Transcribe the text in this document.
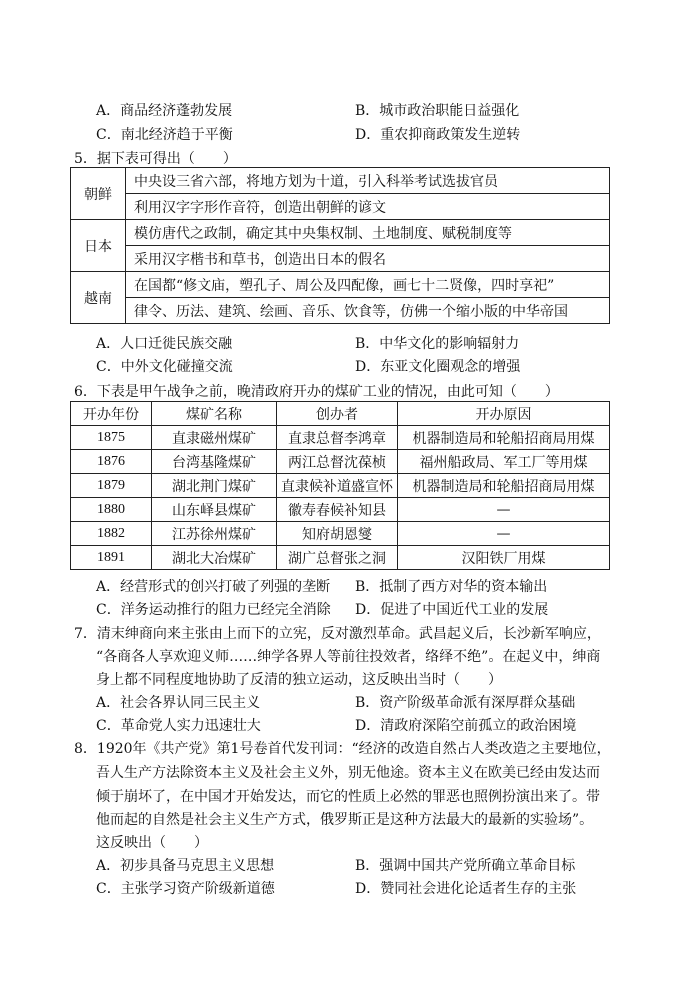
A．商品经济蓬勃发展	B．城市政治职能日益强化
C．南北经济趋于平衡	D．重农抑商政策发生逆转
5．据下表可得出（　　）
朝鲜	中央设三省六部，将地方划为十道，引入科举考试选拔官员
	利用汉字字形作音符，创造出朝鲜的谚文
日本	模仿唐代之政制，确定其中央集权制、土地制度、赋税制度等
	采用汉字楷书和草书，创造出日本的假名
越南	在国都“修文庙，塑孔子、周公及四配像，画七十二贤像，四时享祀”
	律令、历法、建筑、绘画、音乐、饮食等，仿佛一个缩小版的中华帝国
A．人口迁徙民族交融	B．中华文化的影响辐射力
C．中外文化碰撞交流	D．东亚文化圈观念的增强
6．下表是甲午战争之前，晚清政府开办的煤矿工业的情况，由此可知（　　）
开办年份	煤矿名称	创办者	开办原因
1875	直隶磁州煤矿	直隶总督李鸿章	机器制造局和轮船招商局用煤
1876	台湾基隆煤矿	两江总督沈葆桢	福州船政局、军工厂等用煤
1879	湖北荆门煤矿	直隶候补道盛宣怀	机器制造局和轮船招商局用煤
1880	山东峄县煤矿	徽寿春候补知县	—
1882	江苏徐州煤矿	知府胡恩燮	—
1891	湖北大冶煤矿	湖广总督张之洞	汉阳铁厂用煤
A．经营形式的创兴打破了列强的垄断 B．抵制了西方对华的资本输出
C．洋务运动推行的阻力已经完全消除 D．促进了中国近代工业的发展
7．清末绅商向来主张由上而下的立宪，反对激烈革命。武昌起义后，长沙新军响应，
“各商各人享欢迎义师……绅学各界人等前往投效者，络绎不绝”。在起义中，绅商
身上都不同程度地协助了反清的独立运动，这反映出当时（　　）
A．社会各界认同三民主义	B．资产阶级革命派有深厚群众基础
C．革命党人实力迅速壮大	D．清政府深陷空前孤立的政治困境
8．1920年《共产党》第1号卷首代发刊词：“经济的改造自然占人类改造之主要地位，
吾人生产方法除资本主义及社会主义外，别无他途。资本主义在欧美已经由发达而
倾于崩坏了，在中国才开始发达，而它的性质上必然的罪恶也照例扮演出来了。带
他而起的自然是社会主义生产方式，俄罗斯正是这种方法最大的最新的实验场”。
这反映出（　　）
A．初步具备马克思主义思想	B．强调中国共产党所确立革命目标
C．主张学习资产阶级新道德	D．赞同社会进化论适者生存的主张
